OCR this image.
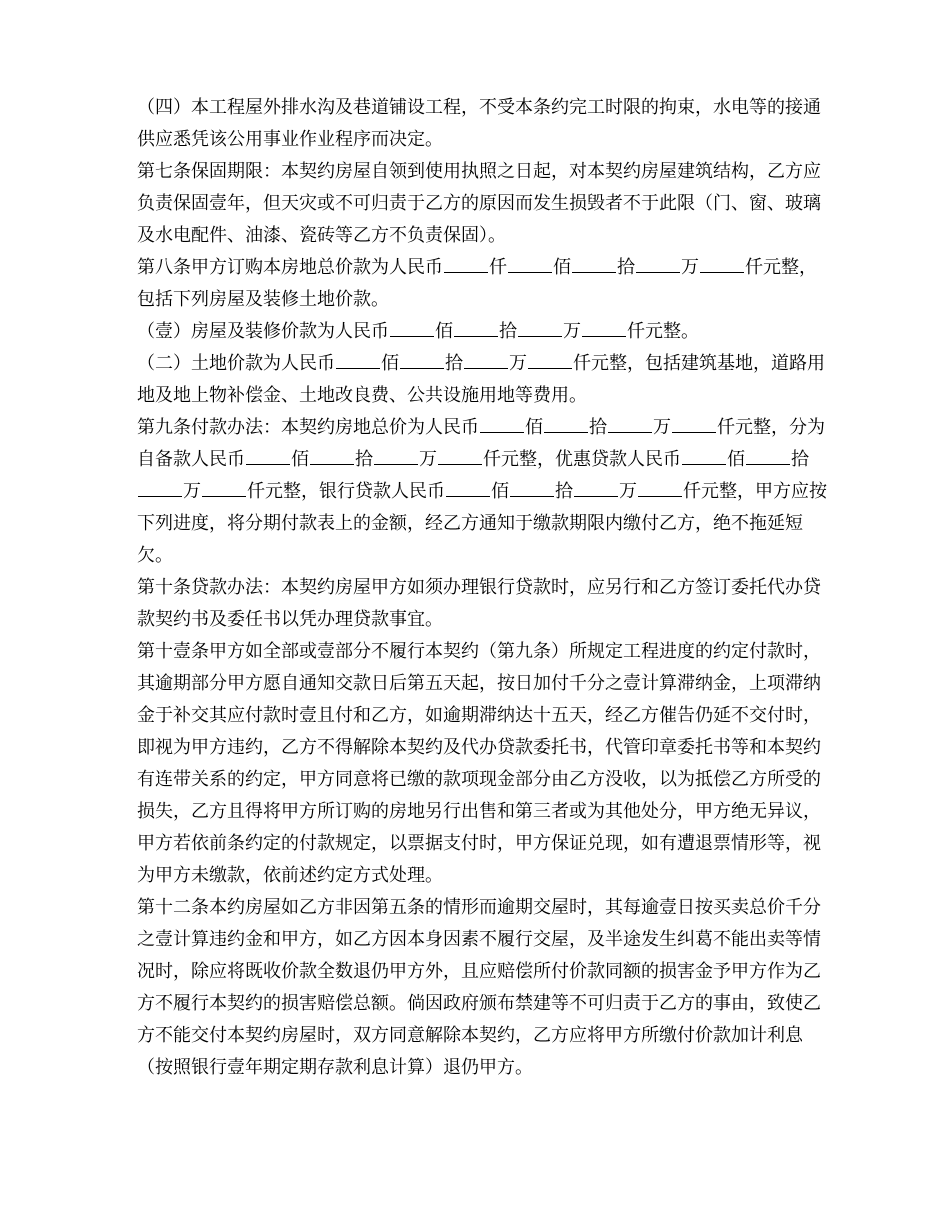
（四）本工程屋外排水沟及巷道铺设工程，不受本条约完工时限的拘束，水电等的接通供应悉凭该公用事业作业程序而决定。

第七条保固期限：本契约房屋自领到使用执照之日起，对本契约房屋建筑结构，乙方应负责保固壹年，但天灾或不可归责于乙方的原因而发生损毁者不于此限（门、窗、玻璃及水电配件、油漆、瓷砖等乙方不负责保固）。

第八条甲方订购本房地总价款为人民币	仟	佰	拾	万	仟元整，包括下列房屋及装修土地价款。

（壹）房屋及装修价款为人民币	佰	拾	万	仟元整。

（二）土地价款为人民币	佰	拾	万	仟元整，包括建筑基地，道路用地及地上物补偿金、土地改良费、公共设施用地等费用。

第九条付款办法：本契约房地总价为人民币	佰	拾	万	仟元整，分为自备款人民币	佰	拾	万	仟元整，优惠贷款人民币	佰	拾万	仟元整，银行贷款人民币	佰	拾	万	仟元整，甲方应按下列进度，将分期付款表上的金额，经乙方通知于缴款期限内缴付乙方，绝不拖延短欠。

第十条贷款办法：本契约房屋甲方如须办理银行贷款时，应另行和乙方签订委托代办贷款契约书及委任书以凭办理贷款事宜。

第十壹条甲方如全部或壹部分不履行本契约（第九条）所规定工程进度的约定付款时，其逾期部分甲方愿自通知交款日后第五天起，按日加付千分之壹计算滞纳金，上项滞纳金于补交其应付款时壹且付和乙方，如逾期滞纳达十五天，经乙方催告仍延不交付时，即视为甲方违约，乙方不得解除本契约及代办贷款委托书，代管印章委托书等和本契约有连带关系的约定，甲方同意将已缴的款项现金部分由乙方没收，以为抵偿乙方所受的损失，乙方且得将甲方所订购的房地另行出售和第三者或为其他处分，甲方绝无异议，甲方若依前条约定的付款规定，以票据支付时，甲方保证兑现，如有遭退票情形等，视为甲方未缴款，依前述约定方式处理。

第十二条本约房屋如乙方非因第五条的情形而逾期交屋时，其每逾壹日按买卖总价千分之壹计算违约金和甲方，如乙方因本身因素不履行交屋，及半途发生纠葛不能出卖等情况时，除应将既收价款全数退仍甲方外，且应赔偿所付价款同额的损害金予甲方作为乙方不履行本契约的损害赔偿总额。倘因政府颁布禁建等不可归责于乙方的事由，致使乙方不能交付本契约房屋时，双方同意解除本契约，乙方应将甲方所缴付价款加计利息（按照银行壹年期定期存款利息计算）退仍甲方。
